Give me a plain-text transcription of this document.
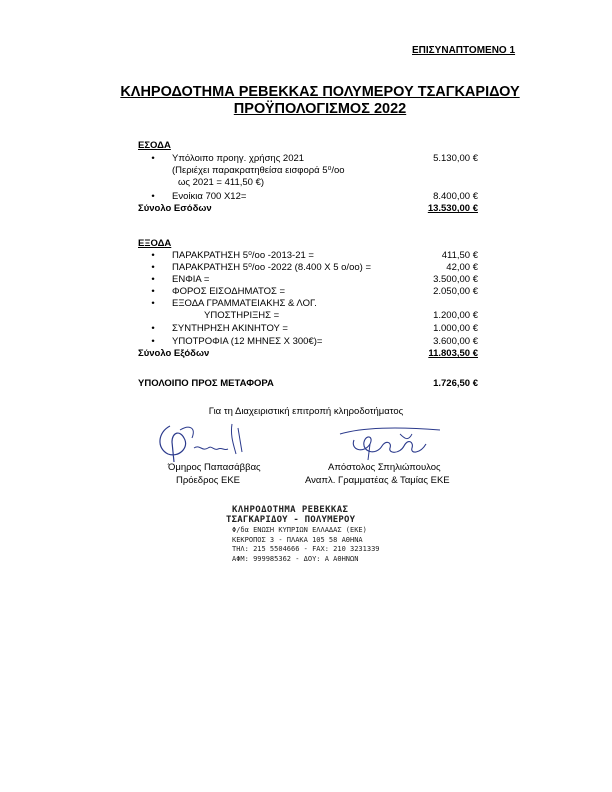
ΕΠΙΣΥΝΑΠΤΟΜΕΝΟ 1
ΚΛΗΡΟΔΟΤΗΜΑ ΡΕΒΕΚΚΑΣ ΠΟΛΥΜΕΡΟΥ ΤΣΑΓΚΑΡΙΔΟΥ
ΠΡΟΫΠΟΛΟΓΙΣΜΟΣ 2022
ΕΣΟΔΑ
•	Υπόλοιπο προηγ. χρήσης 2021	5.130,00 €
(Περιέχει παρακρατηθείσα εισφορά 5⁰/οο
ως 2021 = 411,50 €)
•	Ενοίκια 700 Χ12=	8.400,00 €
Σύνολο Εσόδων	13.530,00 €
ΕΞΟΔΑ
•	ΠΑΡΑΚΡΑΤΗΣΗ 5⁰/οο -2013-21 =	411,50 €
•	ΠΑΡΑΚΡΑΤΗΣΗ 5⁰/οο -2022 (8.400 Χ 5 ο/οο) =	42,00 €
•	ΕΝΦΙΑ =	3.500,00 €
•	ΦΟΡΟΣ ΕΙΣΟΔΗΜΑΤΟΣ =	2.050,00 €
•	ΕΞΟΔΑ ΓΡΑΜΜΑΤΕΙΑΚΗΣ & ΛΟΓ.
ΥΠΟΣΤΗΡΙΞΗΣ =	1.200,00 €
•	ΣΥΝΤΗΡΗΣΗ ΑΚΙΝΗΤΟΥ =	1.000,00 €
•	ΥΠΟΤΡΟΦΙΑ (12 ΜΗΝΕΣ Χ 300€)=	3.600,00 €
Σύνολο Εξόδων	11.803,50 €
ΥΠΟΛΟΙΠΟ ΠΡΟΣ ΜΕΤΑΦΟΡΑ	1.726,50 €
Για τη Διαχειριστική επιτροπή κληροδοτήματος
Όμηρος Παπασάββας
Πρόεδρος ΕΚΕ
Απόστολος Σπηλιώπουλος
Αναπλ. Γραμματέας & Ταμίας ΕΚΕ
ΚΛΗΡΟΔΟΤΗΜΑ ΡΕΒΕΚΚΑΣ
ΤΣΑΓΚΑΡΙΔΟΥ - ΠΟΛΥΜΕΡΟΥ
Φ/δα ΕΝΩΣΗ ΚΥΠΡΙΩΝ ΕΛΛΑΔΑΣ (ΕΚΕ)
ΚΕΚΡΟΠΟΣ 3 - ΠΛΑΚΑ 105 58 ΑΘΗΝΑ
ΤΗΛ: 215 5504666 - FAX: 210 3231339
ΑΦΜ: 999985362 - ΔΟΥ: Α ΑΘΗΝΩΝ
